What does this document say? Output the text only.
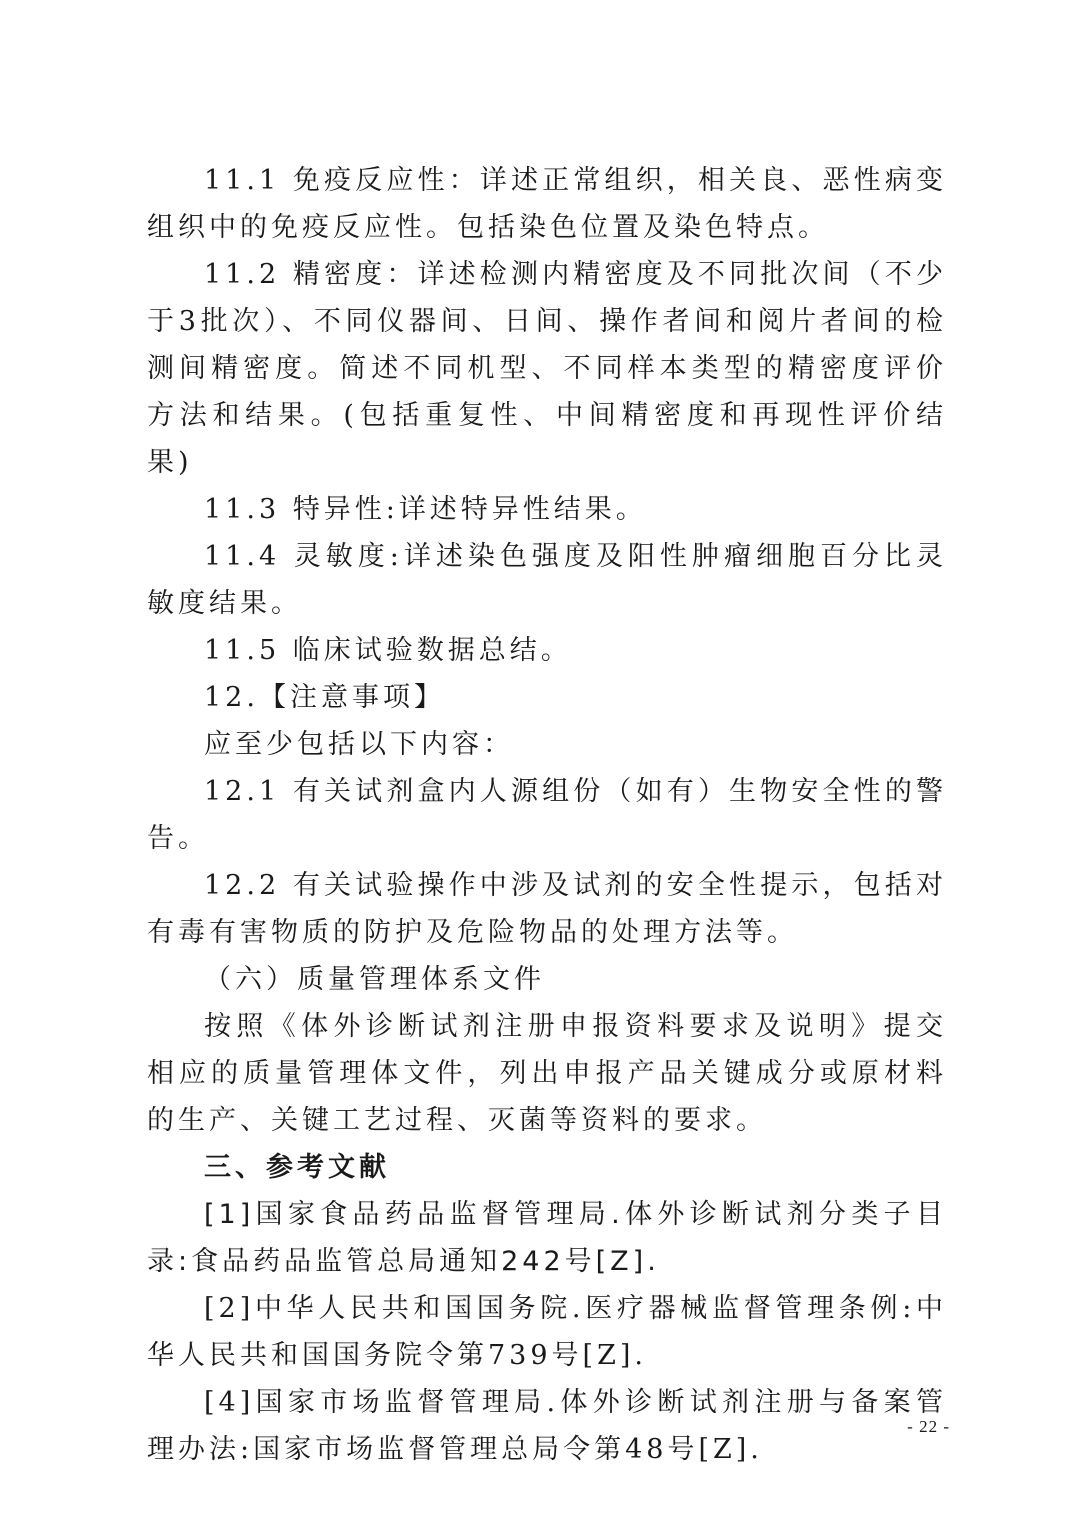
11.1 免疫反应性：详述正常组织，相关良、恶性病变组织中的免疫反应性。包括染色位置及染色特点。

11.2 精密度：详述检测内精密度及不同批次间（不少于3批次）、不同仪器间、日间、操作者间和阅片者间的检测间精密度。简述不同机型、不同样本类型的精密度评价方法和结果。(包括重复性、中间精密度和再现性评价结果)

11.3 特异性:详述特异性结果。

11.4 灵敏度:详述染色强度及阳性肿瘤细胞百分比灵敏度结果。

11.5 临床试验数据总结。

12.【注意事项】

应至少包括以下内容：

12.1 有关试剂盒内人源组份（如有）生物安全性的警告。

12.2 有关试验操作中涉及试剂的安全性提示，包括对有毒有害物质的防护及危险物品的处理方法等。

（六）质量管理体系文件

按照《体外诊断试剂注册申报资料要求及说明》提交相应的质量管理体文件，列出申报产品关键成分或原材料的生产、关键工艺过程、灭菌等资料的要求。

三、参考文献

[1]国家食品药品监督管理局.体外诊断试剂分类子目录:食品药品监管总局通知242号[Z].

[2]中华人民共和国国务院.医疗器械监督管理条例:中华人民共和国国务院令第739号[Z].

[4]国家市场监督管理局.体外诊断试剂注册与备案管理办法:国家市场监督管理总局令第48号[Z].

- 22 -
